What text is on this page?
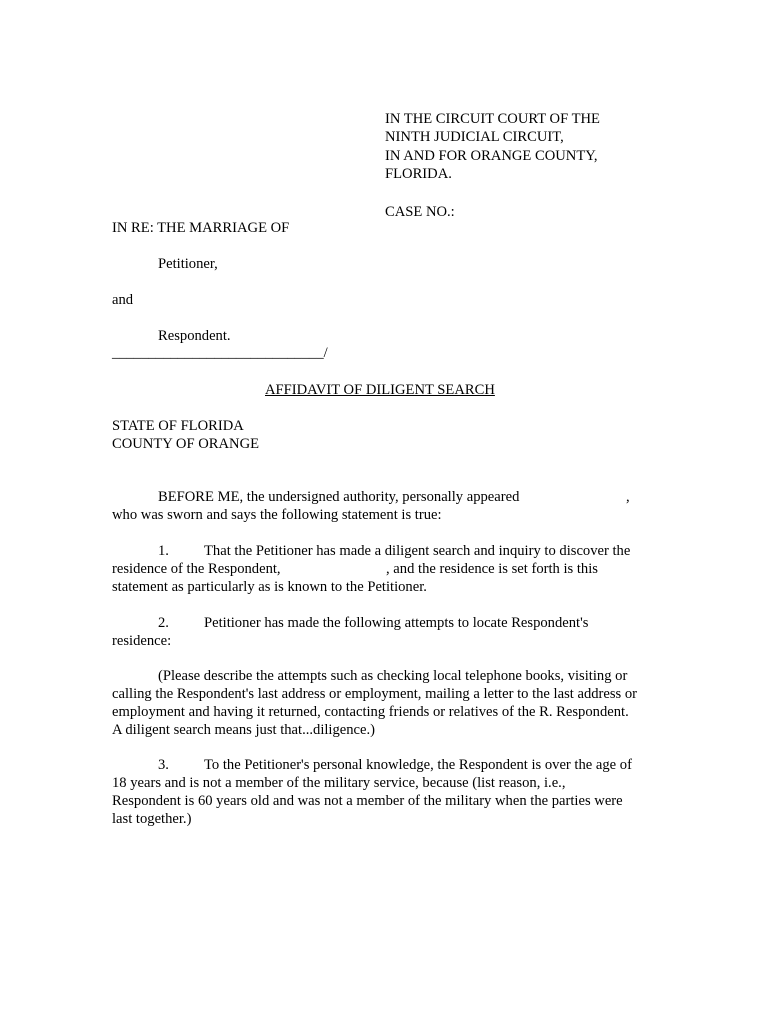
IN THE CIRCUIT COURT OF THE
NINTH JUDICIAL CIRCUIT,
IN AND FOR ORANGE COUNTY,
FLORIDA.
CASE NO.:
IN RE: THE MARRIAGE OF
Petitioner,
and
Respondent.
_____________________________/
AFFIDAVIT OF DILIGENT SEARCH
STATE OF FLORIDA
COUNTY OF ORANGE
BEFORE ME, the undersigned authority, personally appeared	,
who was sworn and says the following statement is true:
1. That the Petitioner has made a diligent search and inquiry to discover the
residence of the Respondent,	, and the residence is set forth is this
statement as particularly as is known to the Petitioner.
2. Petitioner has made the following attempts to locate Respondent's
residence:
(Please describe the attempts such as checking local telephone books, visiting or
calling the Respondent's last address or employment, mailing a letter to the last address or
employment and having it returned, contacting friends or relatives of the R. Respondent.
A diligent search means just that...diligence.)
3. To the Petitioner's personal knowledge, the Respondent is over the age of
18 years and is not a member of the military service, because (list reason, i.e.,
Respondent is 60 years old and was not a member of the military when the parties were
last together.)
